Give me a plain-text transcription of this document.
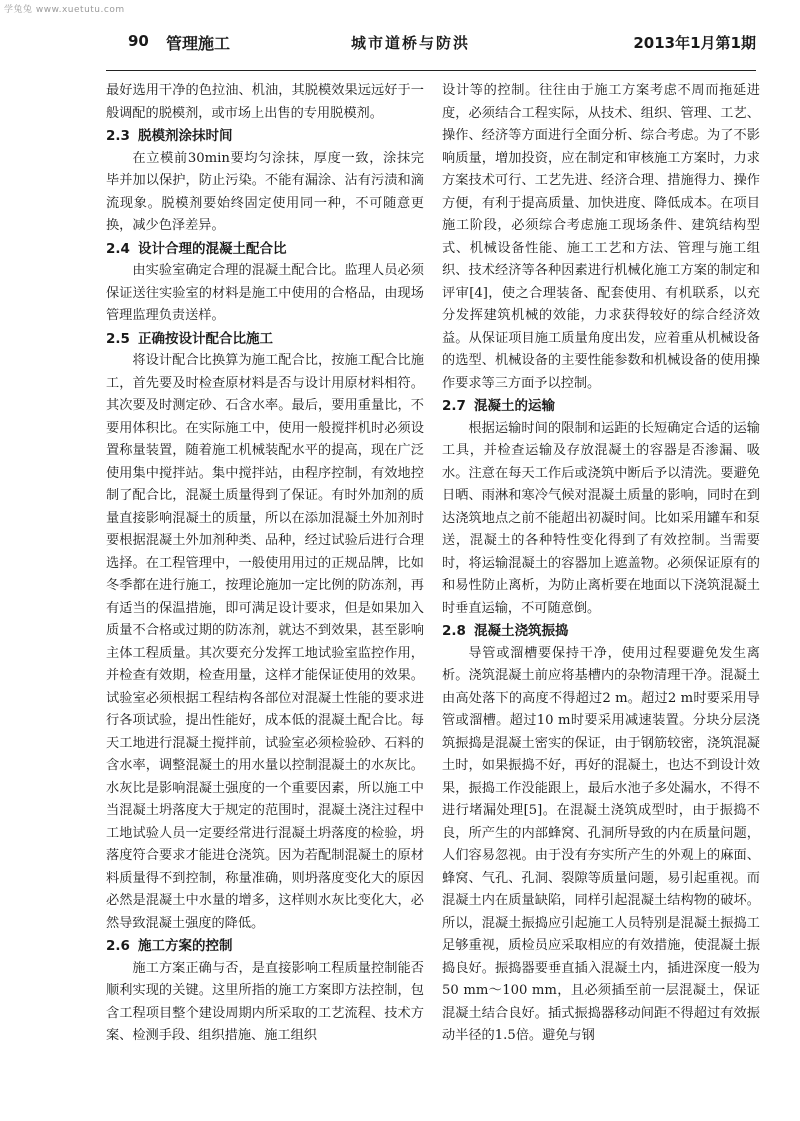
学兔兔 www.xuetutu.com
90 管理施工	城市道桥与防洪	2013年1月第1期

最好选用干净的色拉油、机油，其脱模效果远远好于一般调配的脱模剂，或市场上出售的专用脱模剂。

2.3 脱模剂涂抹时间

在立模前30min要均匀涂抹，厚度一致，涂抹完毕并加以保护，防止污染。不能有漏涂、沾有污渍和滴流现象。脱模剂要始终固定使用同一种，不可随意更换，减少色泽差异。

2.4 设计合理的混凝土配合比

由实验室确定合理的混凝土配合比。监理人员必须保证送往实验室的材料是施工中使用的合格品，由现场管理监理负责送样。

2.5 正确按设计配合比施工

将设计配合比换算为施工配合比，按施工配合比施工，首先要及时检查原材料是否与设计用原材料相符。其次要及时测定砂、石含水率。最后，要用重量比，不要用体积比。在实际施工中，使用一般搅拌机时必须设置称量装置，随着施工机械装配水平的提高，现在广泛使用集中搅拌站。集中搅拌站，由程序控制，有效地控制了配合比，混凝土质量得到了保证。有时外加剂的质量直接影响混凝土的质量，所以在添加混凝土外加剂时要根据混凝土外加剂种类、品种，经过试验后进行合理选择。在工程管理中，一般使用用过的正规品牌，比如冬季都在进行施工，按理论施加一定比例的防冻剂，再有适当的保温措施，即可满足设计要求，但是如果加入质量不合格或过期的防冻剂，就达不到效果，甚至影响主体工程质量。其次要充分发挥工地试验室监控作用，并检查有效期，检查用量，这样才能保证使用的效果。试验室必须根据工程结构各部位对混凝土性能的要求进行各项试验，提出性能好，成本低的混凝土配合比。每天工地进行混凝土搅拌前，试验室必须检验砂、石料的含水率，调整混凝土的用水量以控制混凝土的水灰比。水灰比是影响混凝土强度的一个重要因素，所以施工中当混凝土坍落度大于规定的范围时，混凝土浇注过程中工地试验人员一定要经常进行混凝土坍落度的检验，坍落度符合要求才能进仓浇筑。因为若配制混凝土的原材料质量得不到控制，称量准确，则坍落度变化大的原因必然是混凝土中水量的增多，这样则水灰比变化大，必然导致混凝土强度的降低。

2.6 施工方案的控制

施工方案正确与否，是直接影响工程质量控制能否顺利实现的关键。这里所指的施工方案即方法控制，包含工程项目整个建设周期内所采取的工艺流程、技术方案、检测手段、组织措施、施工组织

设计等的控制。往往由于施工方案考虑不周而拖延进度，必须结合工程实际，从技术、组织、管理、工艺、操作、经济等方面进行全面分析、综合考虑。为了不影响质量，增加投资，应在制定和审核施工方案时，力求方案技术可行、工艺先进、经济合理、措施得力、操作方便，有利于提高质量、加快进度、降低成本。在项目施工阶段，必须综合考虑施工现场条件、建筑结构型式、机械设备性能、施工工艺和方法、管理与施工组织、技术经济等各种因素进行机械化施工方案的制定和评审[4]，使之合理装备、配套使用、有机联系，以充分发挥建筑机械的效能，力求获得较好的综合经济效益。从保证项目施工质量角度出发，应着重从机械设备的选型、机械设备的主要性能参数和机械设备的使用操作要求等三方面予以控制。

2.7 混凝土的运输

根据运输时间的限制和运距的长短确定合适的运输工具，并检查运输及存放混凝土的容器是否渗漏、吸水。注意在每天工作后或浇筑中断后予以清洗。要避免日晒、雨淋和寒冷气候对混凝土质量的影响，同时在到达浇筑地点之前不能超出初凝时间。比如采用罐车和泵送，混凝土的各种特性变化得到了有效控制。当需要时，将运输混凝土的容器加上遮盖物。必须保证原有的和易性防止离析，为防止离析要在地面以下浇筑混凝土时垂直运输，不可随意倒。

2.8 混凝土浇筑振捣

导管或溜槽要保持干净，使用过程要避免发生离析。浇筑混凝土前应将基槽内的杂物清理干净。混凝土由高处落下的高度不得超过2 m。超过2 m时要采用导管或溜槽。超过10 m时要采用减速装置。分块分层浇筑振捣是混凝土密实的保证，由于钢筋较密，浇筑混凝土时，如果振捣不好，再好的混凝土，也达不到设计效果，振捣工作没能跟上，最后水池子多处漏水，不得不进行堵漏处理[5]。在混凝土浇筑成型时，由于振捣不良，所产生的内部蜂窝、孔洞所导致的内在质量问题，人们容易忽视。由于没有夯实所产生的外观上的麻面、蜂窝、气孔、孔洞、裂隙等质量问题，易引起重视。而混凝土内在质量缺陷，同样引起混凝土结构物的破坏。所以，混凝土振捣应引起施工人员特别是混凝土振捣工足够重视，质检员应采取相应的有效措施，使混凝土振捣良好。振捣器要垂直插入混凝土内，插进深度一般为50 mm～100 mm，且必须插至前一层混凝土，保证混凝土结合良好。插式振捣器移动间距不得超过有效振动半径的1.5倍。避免与钢
